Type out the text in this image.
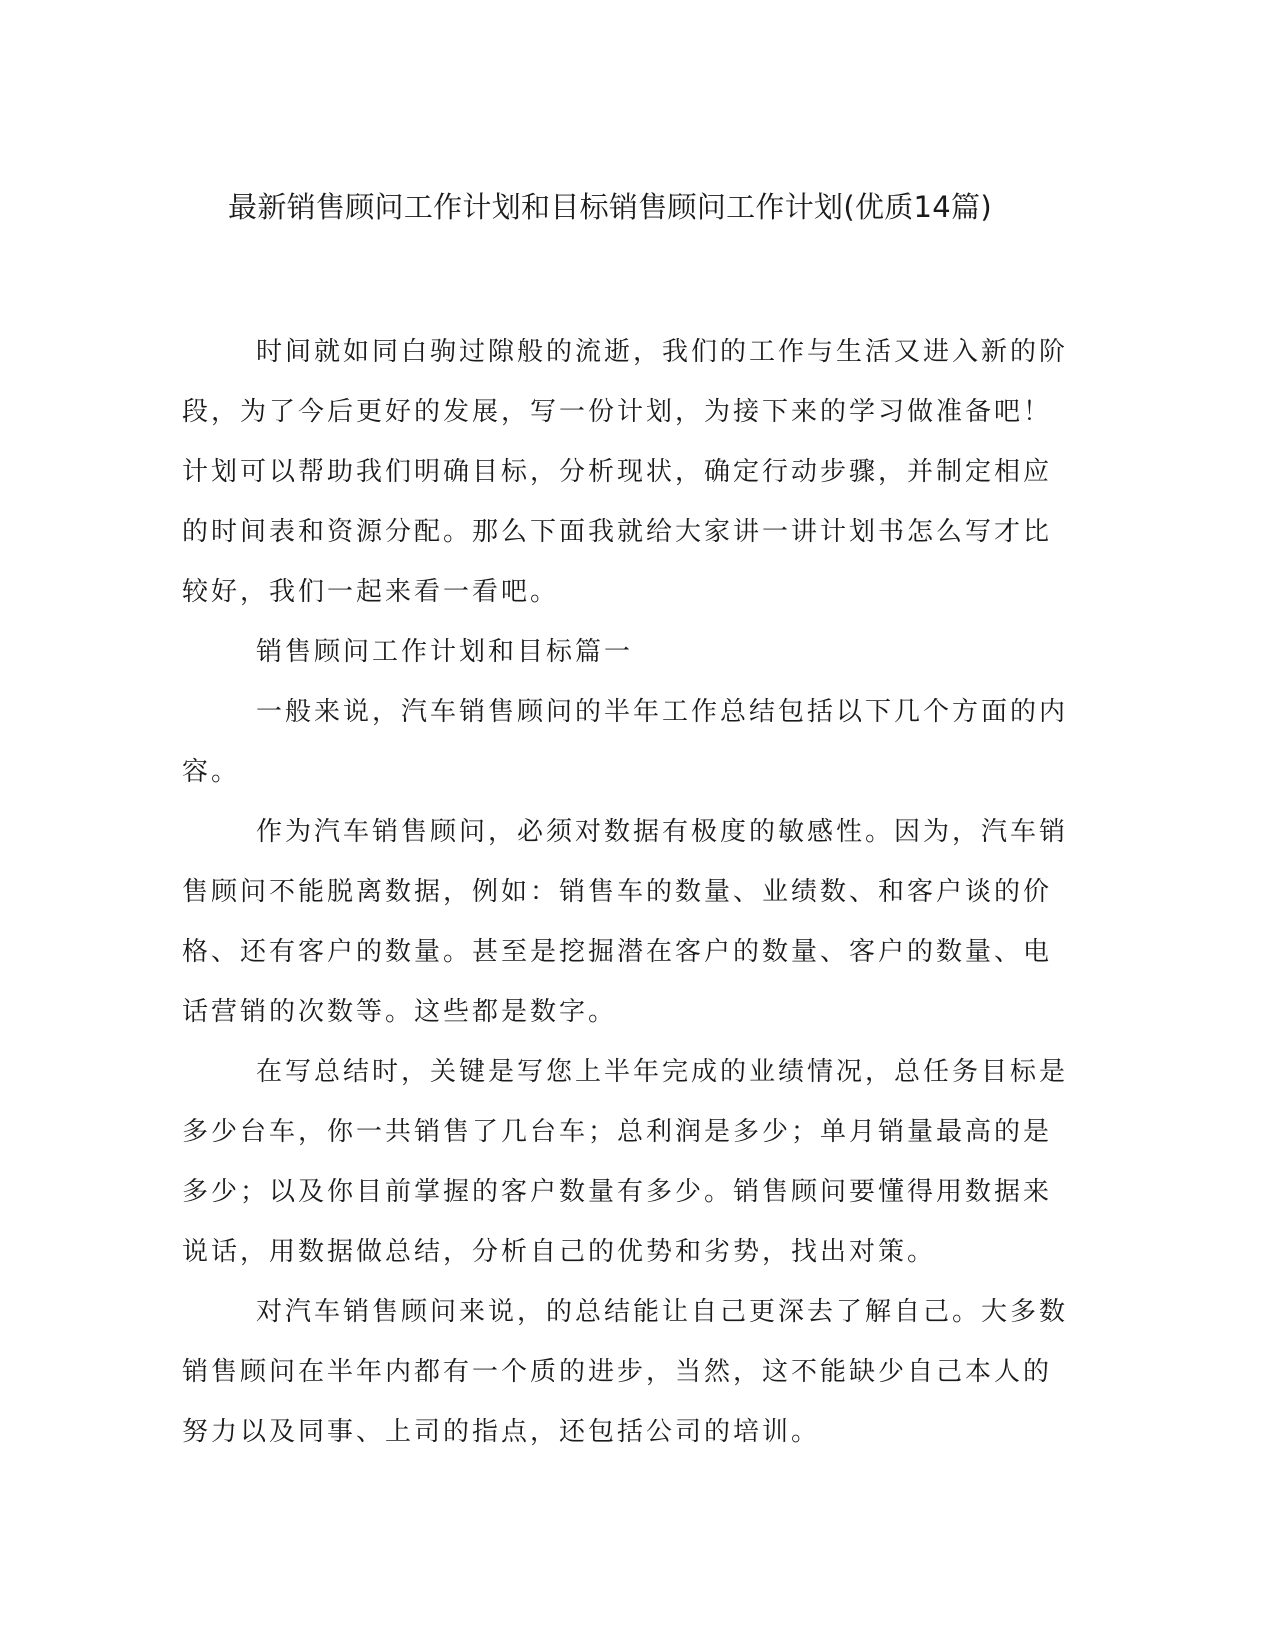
最新销售顾问工作计划和目标销售顾问工作计划(优质14篇)

时间就如同白驹过隙般的流逝，我们的工作与生活又进入新的阶
段，为了今后更好的发展，写一份计划，为接下来的学习做准备吧！
计划可以帮助我们明确目标，分析现状，确定行动步骤，并制定相应
的时间表和资源分配。那么下面我就给大家讲一讲计划书怎么写才比
较好，我们一起来看一看吧。

销售顾问工作计划和目标篇一

一般来说，汽车销售顾问的半年工作总结包括以下几个方面的内
容。

作为汽车销售顾问，必须对数据有极度的敏感性。因为，汽车销
售顾问不能脱离数据，例如：销售车的数量、业绩数、和客户谈的价
格、还有客户的数量。甚至是挖掘潜在客户的数量、客户的数量、电
话营销的次数等。这些都是数字。

在写总结时，关键是写您上半年完成的业绩情况，总任务目标是
多少台车，你一共销售了几台车；总利润是多少；单月销量最高的是
多少；以及你目前掌握的客户数量有多少。销售顾问要懂得用数据来
说话，用数据做总结，分析自己的优势和劣势，找出对策。

对汽车销售顾问来说，的总结能让自己更深去了解自己。大多数
销售顾问在半年内都有一个质的进步，当然，这不能缺少自己本人的
努力以及同事、上司的指点，还包括公司的培训。
